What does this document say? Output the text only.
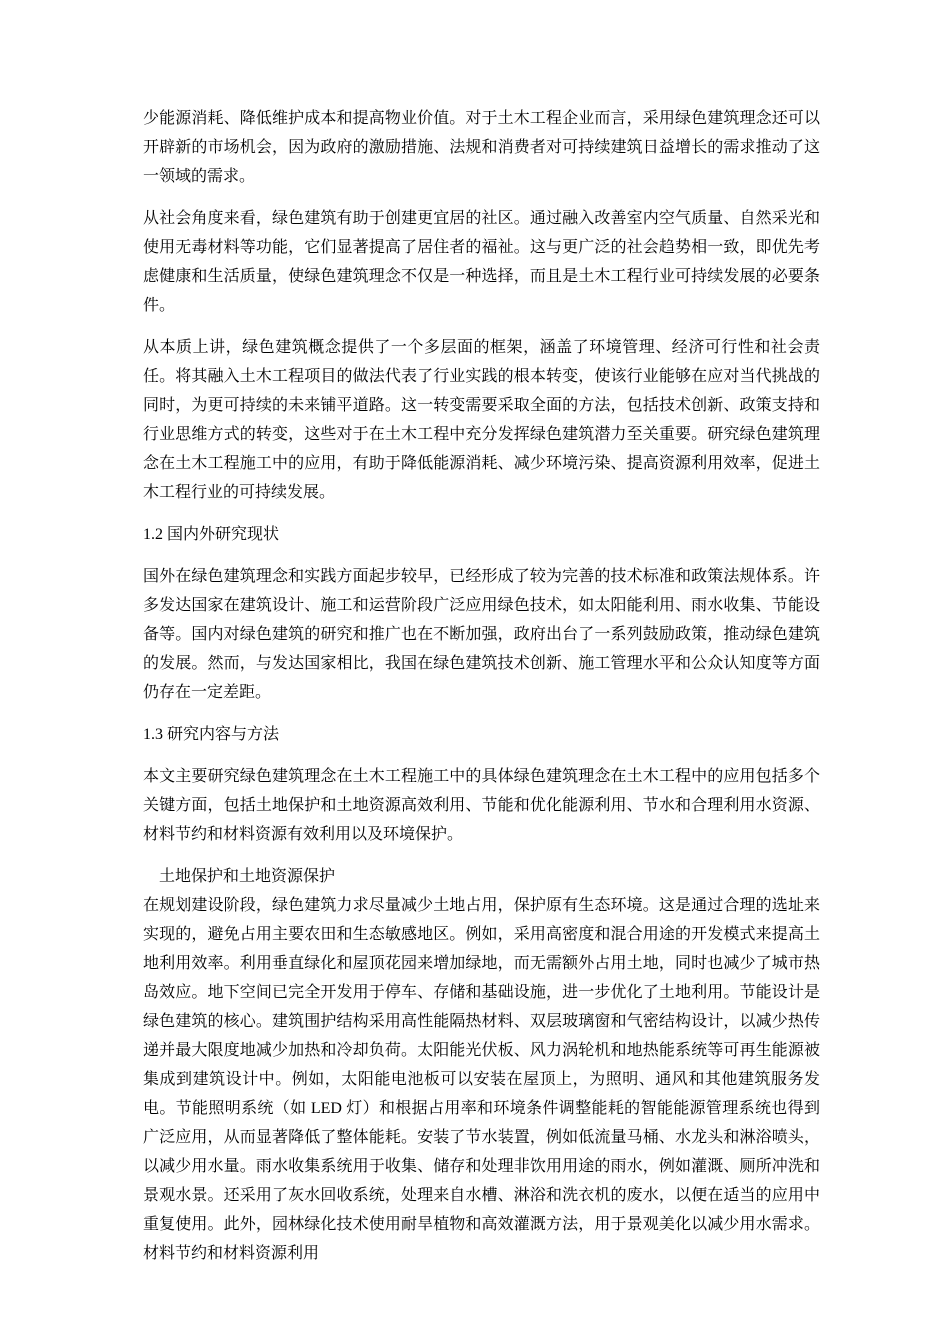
少能源消耗、降低维护成本和提高物业价值。对于土木工程企业而言，采用绿色建筑理念还可以开辟新的市场机会，因为政府的激励措施、法规和消费者对可持续建筑日益增长的需求推动了这一领域的需求。

从社会角度来看，绿色建筑有助于创建更宜居的社区。通过融入改善室内空气质量、自然采光和使用无毒材料等功能，它们显著提高了居住者的福祉。这与更广泛的社会趋势相一致，即优先考虑健康和生活质量，使绿色建筑理念不仅是一种选择，而且是土木工程行业可持续发展的必要条件。

从本质上讲，绿色建筑概念提供了一个多层面的框架，涵盖了环境管理、经济可行性和社会责任。将其融入土木工程项目的做法代表了行业实践的根本转变，使该行业能够在应对当代挑战的同时，为更可持续的未来铺平道路。这一转变需要采取全面的方法，包括技术创新、政策支持和行业思维方式的转变，这些对于在土木工程中充分发挥绿色建筑潜力至关重要。研究绿色建筑理念在土木工程施工中的应用，有助于降低能源消耗、减少环境污染、提高资源利用效率，促进土木工程行业的可持续发展。

1.2 国内外研究现状

国外在绿色建筑理念和实践方面起步较早，已经形成了较为完善的技术标准和政策法规体系。许多发达国家在建筑设计、施工和运营阶段广泛应用绿色技术，如太阳能利用、雨水收集、节能设备等。国内对绿色建筑的研究和推广也在不断加强，政府出台了一系列鼓励政策，推动绿色建筑的发展。然而，与发达国家相比，我国在绿色建筑技术创新、施工管理水平和公众认知度等方面仍存在一定差距。

1.3 研究内容与方法

本文主要研究绿色建筑理念在土木工程施工中的具体绿色建筑理念在土木工程中的应用包括多个关键方面，包括土地保护和土地资源高效利用、节能和优化能源利用、节水和合理利用水资源、材料节约和材料资源有效利用以及环境保护。

土地保护和土地资源保护

在规划建设阶段，绿色建筑力求尽量减少土地占用，保护原有生态环境。这是通过合理的选址来实现的，避免占用主要农田和生态敏感地区。例如，采用高密度和混合用途的开发模式来提高土地利用效率。利用垂直绿化和屋顶花园来增加绿地，而无需额外占用土地，同时也减少了城市热岛效应。地下空间已完全开发用于停车、存储和基础设施，进一步优化了土地利用。节能设计是绿色建筑的核心。建筑围护结构采用高性能隔热材料、双层玻璃窗和气密结构设计，以减少热传递并最大限度地减少加热和冷却负荷。太阳能光伏板、风力涡轮机和地热能系统等可再生能源被集成到建筑设计中。例如，太阳能电池板可以安装在屋顶上，为照明、通风和其他建筑服务发电。节能照明系统（如 LED 灯）和根据占用率和环境条件调整能耗的智能能源管理系统也得到广泛应用，从而显著降低了整体能耗。安装了节水装置，例如低流量马桶、水龙头和淋浴喷头，以减少用水量。雨水收集系统用于收集、储存和处理非饮用用途的雨水，例如灌溉、厕所冲洗和景观水景。还采用了灰水回收系统，处理来自水槽、淋浴和洗衣机的废水，以便在适当的应用中重复使用。此外，园林绿化技术使用耐旱植物和高效灌溉方法，用于景观美化以减少用水需求。材料节约和材料资源利用
